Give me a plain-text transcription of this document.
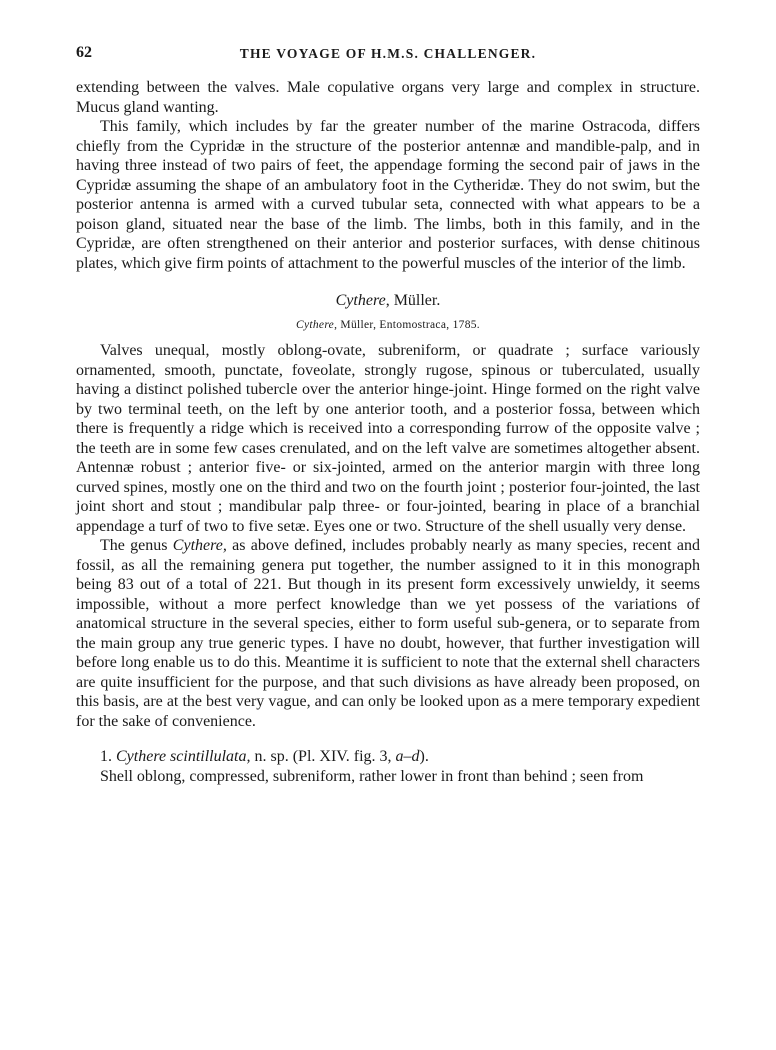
62	THE VOYAGE OF H.M.S. CHALLENGER.

extending between the valves. Male copulative organs very large and complex in structure. Mucus gland wanting.

This family, which includes by far the greater number of the marine Ostracoda, differs chiefly from the Cypridæ in the structure of the posterior antennæ and mandible-palp, and in having three instead of two pairs of feet, the appendage forming the second pair of jaws in the Cypridæ assuming the shape of an ambulatory foot in the Cytheridæ. They do not swim, but the posterior antenna is armed with a curved tubular seta, connected with what appears to be a poison gland, situated near the base of the limb. The limbs, both in this family, and in the Cypridæ, are often strengthened on their anterior and posterior surfaces, with dense chitinous plates, which give firm points of attachment to the powerful muscles of the interior of the limb.

Cythere, Müller.
Cythere, Müller, Entomostraca, 1785.

Valves unequal, mostly oblong-ovate, subreniform, or quadrate ; surface variously ornamented, smooth, punctate, foveolate, strongly rugose, spinous or tuberculated, usually having a distinct polished tubercle over the anterior hinge-joint. Hinge formed on the right valve by two terminal teeth, on the left by one anterior tooth, and a posterior fossa, between which there is frequently a ridge which is received into a corresponding furrow of the opposite valve ; the teeth are in some few cases crenulated, and on the left valve are sometimes altogether absent. Antennæ robust ; anterior five- or six-jointed, armed on the anterior margin with three long curved spines, mostly one on the third and two on the fourth joint ; posterior four-jointed, the last joint short and stout ; mandibular palp three- or four-jointed, bearing in place of a branchial appendage a turf of two to five setæ. Eyes one or two. Structure of the shell usually very dense.

The genus Cythere, as above defined, includes probably nearly as many species, recent and fossil, as all the remaining genera put together, the number assigned to it in this monograph being 83 out of a total of 221. But though in its present form excessively unwieldy, it seems impossible, without a more perfect knowledge than we yet possess of the variations of anatomical structure in the several species, either to form useful sub-genera, or to separate from the main group any true generic types. I have no doubt, however, that further investigation will before long enable us to do this. Meantime it is sufficient to note that the external shell characters are quite insufficient for the purpose, and that such divisions as have already been proposed, on this basis, are at the best very vague, and can only be looked upon as a mere temporary expedient for the sake of convenience.

1. Cythere scintillulata, n. sp. (Pl. XIV. fig. 3, a–d).

Shell oblong, compressed, subreniform, rather lower in front than behind ; seen from
